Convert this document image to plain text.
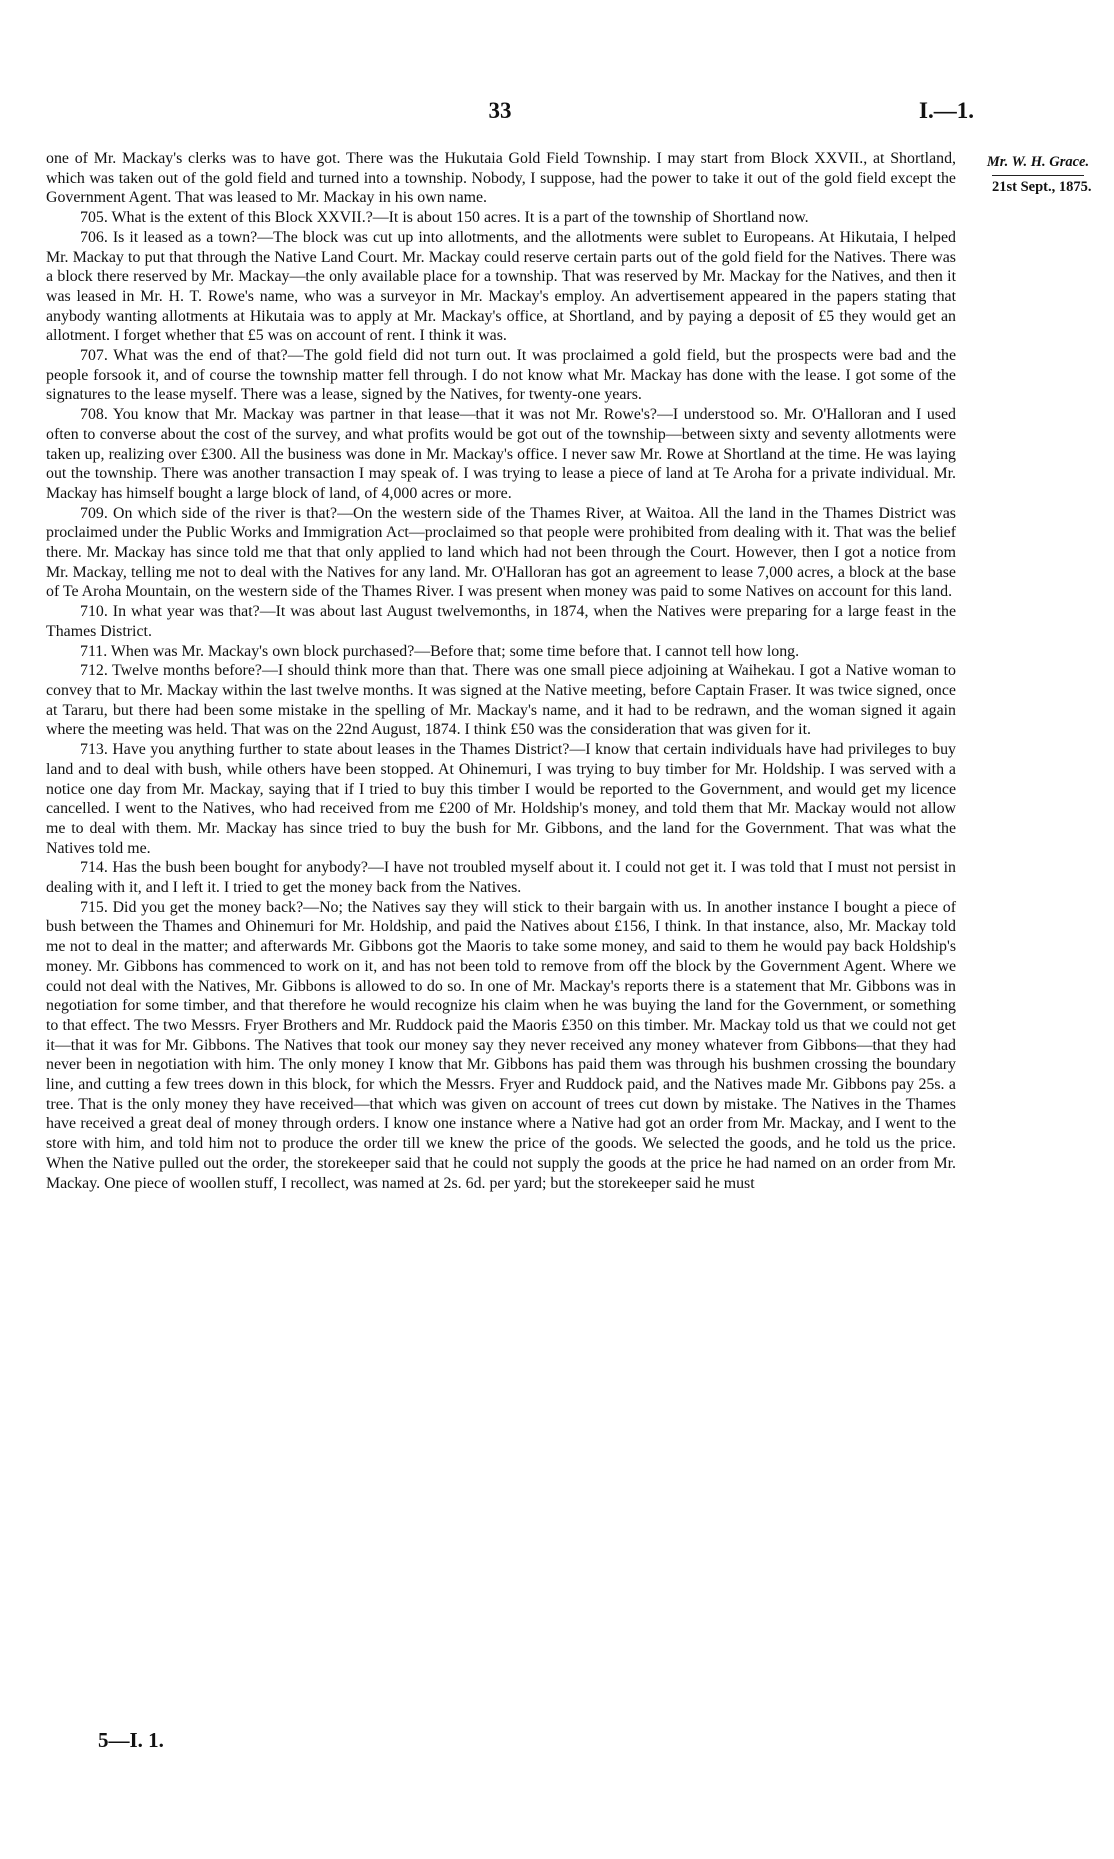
33	I.—1.
Mr. W. H. Grace.
21st Sept., 1875.

one of Mr. Mackay's clerks was to have got. There was the Hukutaia Gold Field Township. I may start from Block XXVII., at Shortland, which was taken out of the gold field and turned into a township. Nobody, I suppose, had the power to take it out of the gold field except the Government Agent. That was leased to Mr. Mackay in his own name.

705. What is the extent of this Block XXVII.?—It is about 150 acres. It is a part of the township of Shortland now.

706. Is it leased as a town?—The block was cut up into allotments, and the allotments were sublet to Europeans. At Hikutaia, I helped Mr. Mackay to put that through the Native Land Court. Mr. Mackay could reserve certain parts out of the gold field for the Natives. There was a block there reserved by Mr. Mackay—the only available place for a township. That was reserved by Mr. Mackay for the Natives, and then it was leased in Mr. H. T. Rowe's name, who was a surveyor in Mr. Mackay's employ. An advertisement appeared in the papers stating that anybody wanting allotments at Hikutaia was to apply at Mr. Mackay's office, at Shortland, and by paying a deposit of £5 they would get an allotment. I forget whether that £5 was on account of rent. I think it was.

707. What was the end of that?—The gold field did not turn out. It was proclaimed a gold field, but the prospects were bad and the people forsook it, and of course the township matter fell through. I do not know what Mr. Mackay has done with the lease. I got some of the signatures to the lease myself. There was a lease, signed by the Natives, for twenty-one years.

708. You know that Mr. Mackay was partner in that lease—that it was not Mr. Rowe's?—I understood so. Mr. O'Halloran and I used often to converse about the cost of the survey, and what profits would be got out of the township—between sixty and seventy allotments were taken up, realizing over £300. All the business was done in Mr. Mackay's office. I never saw Mr. Rowe at Shortland at the time. He was laying out the township. There was another transaction I may speak of. I was trying to lease a piece of land at Te Aroha for a private individual. Mr. Mackay has himself bought a large block of land, of 4,000 acres or more.

709. On which side of the river is that?—On the western side of the Thames River, at Waitoa. All the land in the Thames District was proclaimed under the Public Works and Immigration Act—proclaimed so that people were prohibited from dealing with it. That was the belief there. Mr. Mackay has since told me that that only applied to land which had not been through the Court. However, then I got a notice from Mr. Mackay, telling me not to deal with the Natives for any land. Mr. O'Halloran has got an agreement to lease 7,000 acres, a block at the base of Te Aroha Mountain, on the western side of the Thames River. I was present when money was paid to some Natives on account for this land.

710. In what year was that?—It was about last August twelvemonths, in 1874, when the Natives were preparing for a large feast in the Thames District.

711. When was Mr. Mackay's own block purchased?—Before that; some time before that. I cannot tell how long.

712. Twelve months before?—I should think more than that. There was one small piece adjoining at Waihekau. I got a Native woman to convey that to Mr. Mackay within the last twelve months. It was signed at the Native meeting, before Captain Fraser. It was twice signed, once at Tararu, but there had been some mistake in the spelling of Mr. Mackay's name, and it had to be redrawn, and the woman signed it again where the meeting was held. That was on the 22nd August, 1874. I think £50 was the consideration that was given for it.

713. Have you anything further to state about leases in the Thames District?—I know that certain individuals have had privileges to buy land and to deal with bush, while others have been stopped. At Ohinemuri, I was trying to buy timber for Mr. Holdship. I was served with a notice one day from Mr. Mackay, saying that if I tried to buy this timber I would be reported to the Government, and would get my licence cancelled. I went to the Natives, who had received from me £200 of Mr. Holdship's money, and told them that Mr. Mackay would not allow me to deal with them. Mr. Mackay has since tried to buy the bush for Mr. Gibbons, and the land for the Government. That was what the Natives told me.

714. Has the bush been bought for anybody?—I have not troubled myself about it. I could not get it. I was told that I must not persist in dealing with it, and I left it. I tried to get the money back from the Natives.

715. Did you get the money back?—No; the Natives say they will stick to their bargain with us. In another instance I bought a piece of bush between the Thames and Ohinemuri for Mr. Holdship, and paid the Natives about £156, I think. In that instance, also, Mr. Mackay told me not to deal in the matter; and afterwards Mr. Gibbons got the Maoris to take some money, and said to them he would pay back Holdship's money. Mr. Gibbons has commenced to work on it, and has not been told to remove from off the block by the Government Agent. Where we could not deal with the Natives, Mr. Gibbons is allowed to do so. In one of Mr. Mackay's reports there is a statement that Mr. Gibbons was in negotiation for some timber, and that therefore he would recognize his claim when he was buying the land for the Government, or something to that effect. The two Messrs. Fryer Brothers and Mr. Ruddock paid the Maoris £350 on this timber. Mr. Mackay told us that we could not get it—that it was for Mr. Gibbons. The Natives that took our money say they never received any money whatever from Gibbons—that they had never been in negotiation with him. The only money I know that Mr. Gibbons has paid them was through his bushmen crossing the boundary line, and cutting a few trees down in this block, for which the Messrs. Fryer and Ruddock paid, and the Natives made Mr. Gibbons pay 25s. a tree. That is the only money they have received—that which was given on account of trees cut down by mistake. The Natives in the Thames have received a great deal of money through orders. I know one instance where a Native had got an order from Mr. Mackay, and I went to the store with him, and told him not to produce the order till we knew the price of the goods. We selected the goods, and he told us the price. When the Native pulled out the order, the storekeeper said that he could not supply the goods at the price he had named on an order from Mr. Mackay. One piece of woollen stuff, I recollect, was named at 2s. 6d. per yard; but the storekeeper said he must

5—I. 1.
